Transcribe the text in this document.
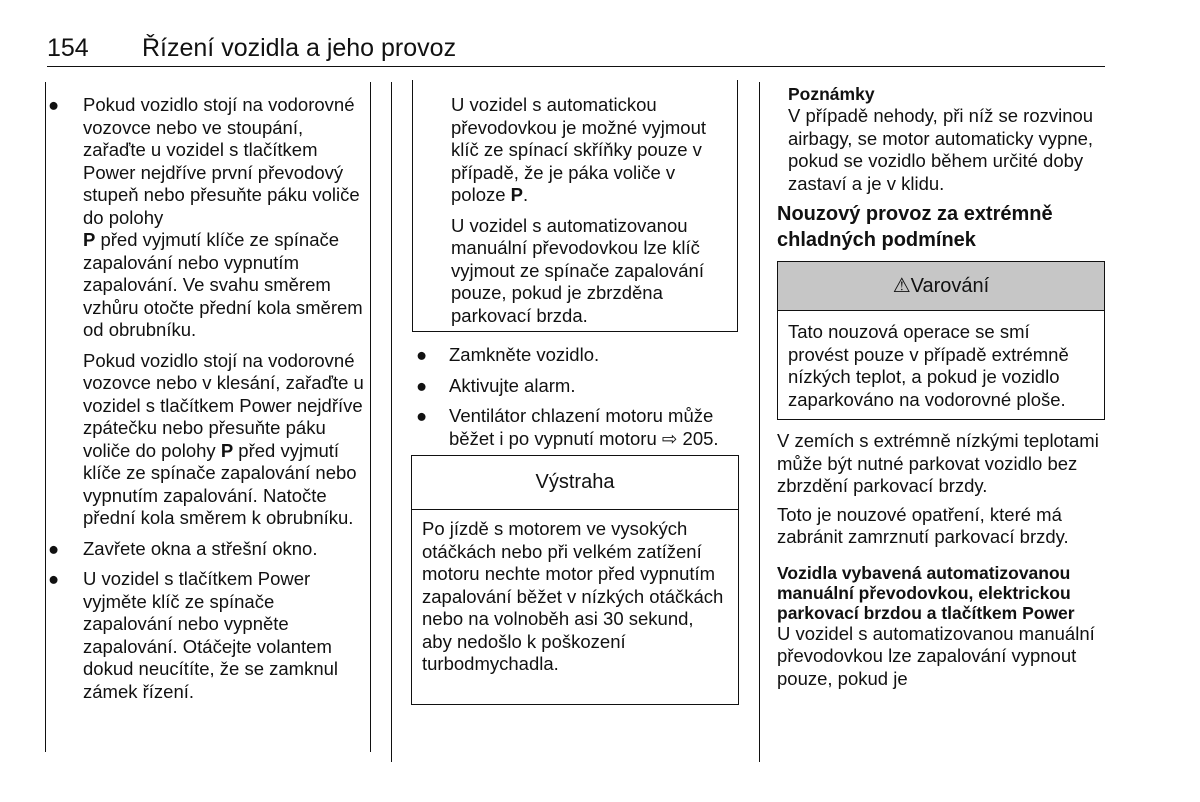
154 Řízení vozidla a jeho provoz
● Pokud vozidlo stojí na vodorovné vozovce nebo ve stoupání, zařaďte u vozidel s tlačítkem Power nejdříve první převodový stupeň nebo přesuňte páku voliče do polohy
P před vyjmutí klíče ze spínače zapalování nebo vypnutím zapalování. Ve svahu směrem vzhůru otočte přední kola směrem od obrubníku.

Pokud vozidlo stojí na vodorovné vozovce nebo v klesání, zařaďte u vozidel s tlačítkem Power nejdříve zpátečku nebo přesuňte páku voliče do polohy P před vyjmutí klíče ze spínače zapalování nebo vypnutím zapalování. Natočte přední kola směrem k obrubníku.

● Zavřete okna a střešní okno.

● U vozidel s tlačítkem Power vyjměte klíč ze spínače zapalování nebo vypněte zapalování. Otáčejte volantem dokud neucítíte, že se zamknul zámek řízení.

U vozidel s automatickou převodovkou je možné vyjmout klíč ze spínací skříňky pouze v případě, že je páka voliče v poloze P.

U vozidel s automatizovanou manuální převodovkou lze klíč vyjmout ze spínače zapalování pouze, pokud je zbrzděna parkovací brzda.

● Zamkněte vozidlo.

● Aktivujte alarm.

● Ventilátor chlazení motoru může běžet i po vypnutí motoru ⇨ 205.

Výstraha
Po jízdě s motorem ve vysokých otáčkách nebo při velkém zatížení motoru nechte motor před vypnutím zapalování běžet v nízkých otáčkách nebo na volnoběh asi 30 sekund, aby nedošlo k poškození turbodmychadla.
Poznámky
V případě nehody, při níž se rozvinou airbagy, se motor automaticky vypne, pokud se vozidlo během určité doby zastaví a je v klidu.
Nouzový provoz za extrémně chladných podmínek
⚠Varování
Tato nouzová operace se smí provést pouze v případě extrémně nízkých teplot, a pokud je vozidlo zaparkováno na vodorovné ploše.

V zemích s extrémně nízkými teplotami může být nutné parkovat vozidlo bez zbrzdění parkovací brzdy.

Toto je nouzové opatření, které má zabránit zamrznutí parkovací brzdy.

Vozidla vybavená automatizovanou manuální převodovkou, elektrickou parkovací brzdou a tlačítkem Power

U vozidel s automatizovanou manuální převodovkou lze zapalování vypnout pouze, pokud je
